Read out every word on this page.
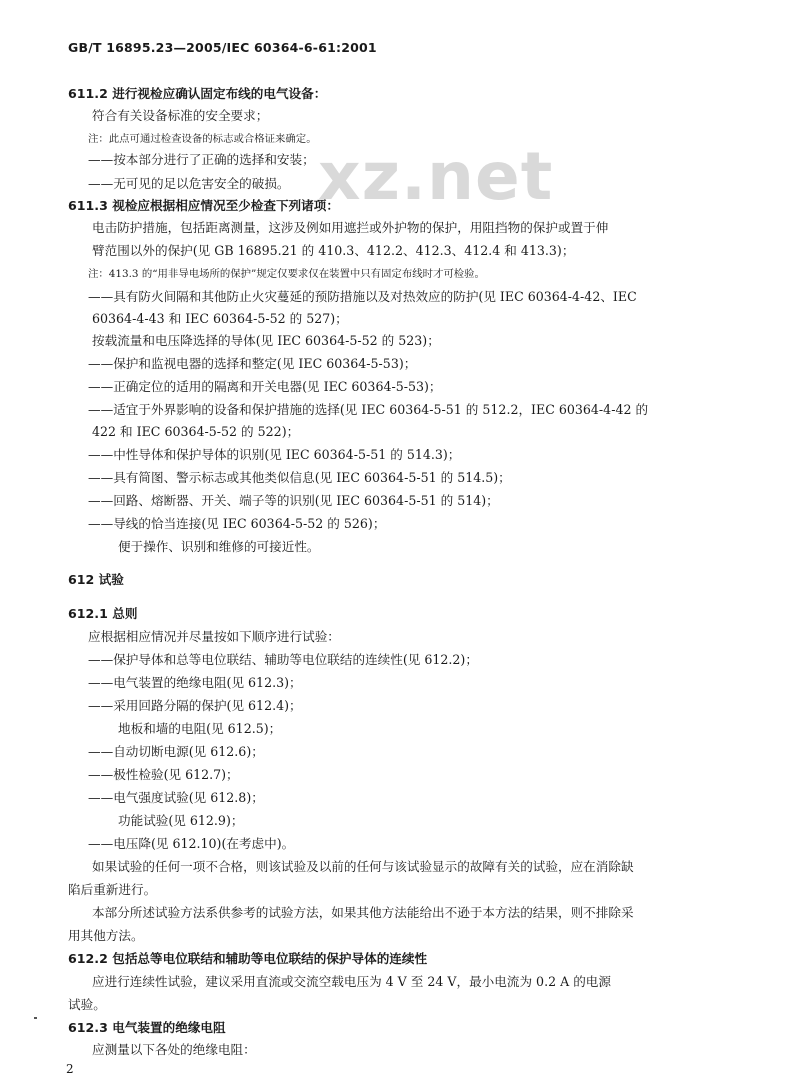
GB/T 16895.23—2005/IEC 60364-6-61:2001
xz.net
611.2 进行视检应确认固定布线的电气设备：
符合有关设备标准的安全要求；
注：此点可通过检查设备的标志或合格证来确定。
——按本部分进行了正确的选择和安装；
——无可见的足以危害安全的破损。
611.3 视检应根据相应情况至少检查下列诸项：
电击防护措施，包括距离测量，这涉及例如用遮拦或外护物的保护，用阻挡物的保护或置于伸
臂范围以外的保护(见 GB 16895.21 的 410.3、412.2、412.3、412.4 和 413.3)；
注：413.3 的“用非导电场所的保护”规定仅要求仅在装置中只有固定布线时才可检验。
——具有防火间隔和其他防止火灾蔓延的预防措施以及对热效应的防护(见 IEC 60364-4-42、IEC
60364-4-43 和 IEC 60364-5-52 的 527)；
按载流量和电压降选择的导体(见 IEC 60364-5-52 的 523)；
——保护和监视电器的选择和整定(见 IEC 60364-5-53)；
——正确定位的适用的隔离和开关电器(见 IEC 60364-5-53)；
——适宜于外界影响的设备和保护措施的选择(见 IEC 60364-5-51 的 512.2，IEC 60364-4-42 的
422 和 IEC 60364-5-52 的 522)；
——中性导体和保护导体的识别(见 IEC 60364-5-51 的 514.3)；
——具有简图、警示标志或其他类似信息(见 IEC 60364-5-51 的 514.5)；
——回路、熔断器、开关、端子等的识别(见 IEC 60364-5-51 的 514)；
——导线的恰当连接(见 IEC 60364-5-52 的 526)；
便于操作、识别和维修的可接近性。
612 试验
612.1 总则
应根据相应情况并尽量按如下顺序进行试验：
——保护导体和总等电位联结、辅助等电位联结的连续性(见 612.2)；
——电气装置的绝缘电阻(见 612.3)；
——采用回路分隔的保护(见 612.4)；
地板和墙的电阻(见 612.5)；
——自动切断电源(见 612.6)；
——极性检验(见 612.7)；
——电气强度试验(见 612.8)；
功能试验(见 612.9)；
——电压降(见 612.10)(在考虑中)。
如果试验的任何一项不合格，则该试验及以前的任何与该试验显示的故障有关的试验，应在消除缺
陷后重新进行。
本部分所述试验方法系供参考的试验方法，如果其他方法能给出不逊于本方法的结果，则不排除采
用其他方法。
612.2 包括总等电位联结和辅助等电位联结的保护导体的连续性
应进行连续性试验，建议采用直流或交流空载电压为 4 V 至 24 V，最小电流为 0.2 A 的电源
试验。
612.3 电气装置的绝缘电阻
应测量以下各处的绝缘电阻：
2
